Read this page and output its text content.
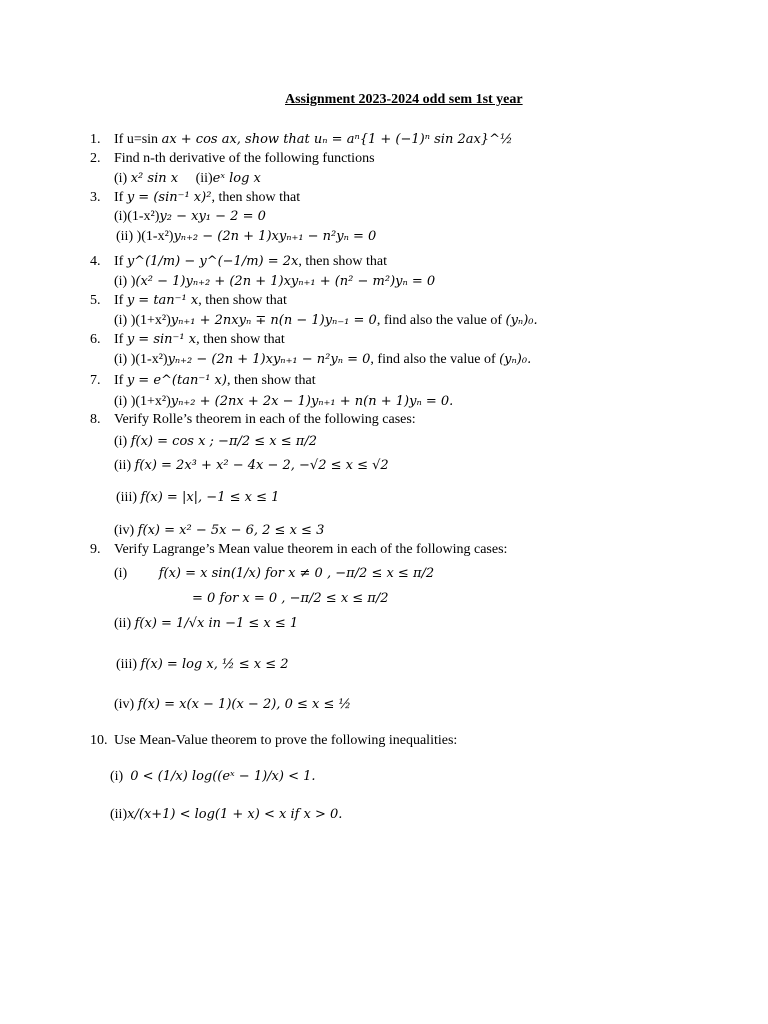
Assignment 2023-2024 odd sem 1st year
1. If u=sin ax + cos ax, show that uₙ = aⁿ{1 + (−1)ⁿ sin 2ax}^½
2. Find n-th derivative of the following functions
(i) x² sin x     (ii)eˣ log x
3. If y = (sin⁻¹ x)², then show that
(i)(1-x²)y₂ − xy₁ − 2 = 0
(ii) )(1-x²)yₙ₊₂ − (2n + 1)xyₙ₊₁ − n²yₙ = 0
4. If y^(1/m) − y^(−1/m) = 2x, then show that
(i) )(x² − 1)yₙ₊₂ + (2n + 1)xyₙ₊₁ + (n² − m²)yₙ = 0
5. If y = tan⁻¹ x, then show that
(i) )(1+x²)yₙ₊₁ + 2nxyₙ ∓ n(n − 1)yₙ₋₁ = 0, find also the value of (yₙ)₀.
6. If y = sin⁻¹ x, then show that
(i) )(1-x²)yₙ₊₂ − (2n + 1)xyₙ₊₁ − n²yₙ = 0, find also the value of (yₙ)₀.
7. If y = e^(tan⁻¹ x), then show that
(i) )(1+x²)yₙ₊₂ + (2nx + 2x − 1)yₙ₊₁ + n(n + 1)yₙ = 0.
8. Verify Rolle’s theorem in each of the following cases:
(i) f(x) = cos x ; −π/2 ≤ x ≤ π/2
(ii) f(x) = 2x³ + x² − 4x − 2, −√2 ≤ x ≤ √2
(iii) f(x) = |x|, −1 ≤ x ≤ 1
(iv) f(x) = x² − 5x − 6, 2 ≤ x ≤ 3
9. Verify Lagrange’s Mean value theorem in each of the following cases:
(i)         f(x) = x sin(1/x) for x ≠ 0 , −π/2 ≤ x ≤ π/2
= 0 for x = 0 , −π/2 ≤ x ≤ π/2
(ii) f(x) = 1/√x in −1 ≤ x ≤ 1
(iii) f(x) = log x, ½ ≤ x ≤ 2
(iv) f(x) = x(x − 1)(x − 2), 0 ≤ x ≤ ½
10. Use Mean-Value theorem to prove the following inequalities:
(i)  0 < (1/x) log((eˣ − 1)/x) < 1.
(ii)x/(x+1) < log(1 + x) < x if x > 0.
